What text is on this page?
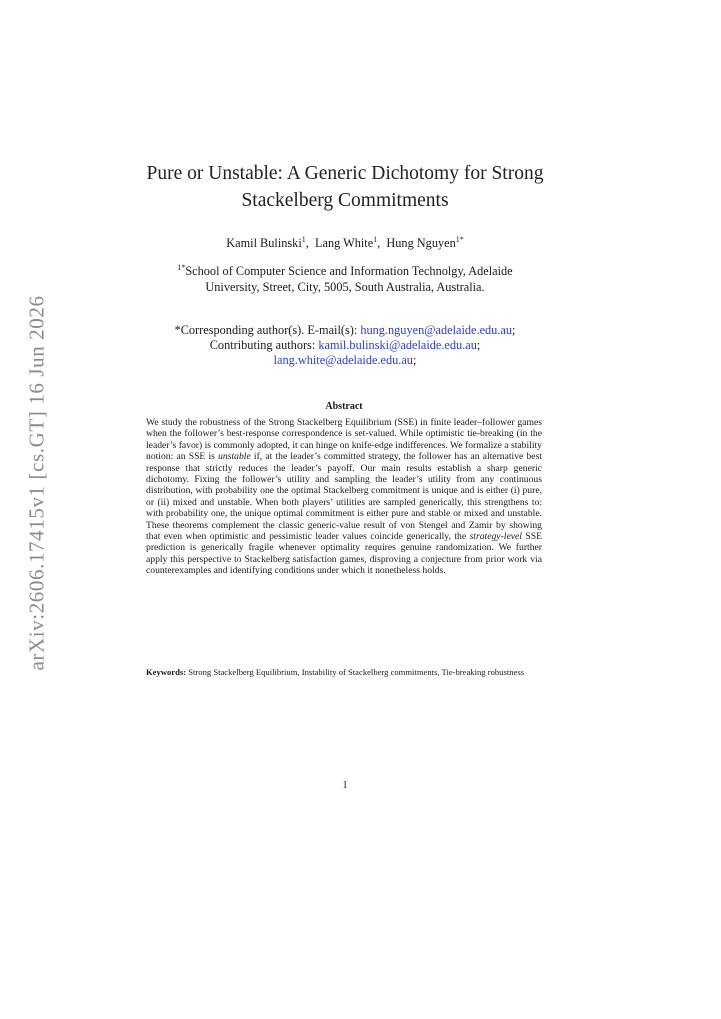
arXiv:2606.17415v1 [cs.GT] 16 Jun 2026
Pure or Unstable: A Generic Dichotomy for Strong
Stackelberg Commitments
Kamil Bulinski$^1$,  Lang White$^1$,  Hung Nguyen$^{1*}$
$^{1*}$School of Computer Science and Information Technolgy, Adelaide
University, Street, City, 5005, South Australia, Australia.
*Corresponding author(s). E-mail(s): hung.nguyen@adelaide.edu.au;
Contributing authors: kamil.bulinski@adelaide.edu.au;
lang.white@adelaide.edu.au;
Abstract
We study the robustness of the Strong Stackelberg Equilibrium (SSE) in finite leader–follower games when the follower’s best-response correspondence is set-valued. While optimistic tie-breaking (in the leader’s favor) is commonly adopted, it can hinge on knife-edge indifferences. We formalize a stability notion: an SSE is unstable if, at the leader’s committed strategy, the follower has an alternative best response that strictly reduces the leader’s payoff. Our main results establish a sharp generic dichotomy. Fixing the follower’s utility and sampling the leader’s utility from any continuous distribution, with probability one the optimal Stackelberg commitment is unique and is either (i) pure, or (ii) mixed and unstable. When both players’ utilities are sampled generically, this strengthens to: with probability one, the unique optimal commitment is either pure and stable or mixed and unstable. These theorems complement the classic generic-value result of von Stengel and Zamir by showing that even when optimistic and pessimistic leader values coincide generically, the strategy-level SSE prediction is generically fragile whenever optimality requires genuine randomization. We further apply this perspective to Stackelberg satisfaction games, disproving a conjecture from prior work via counterexamples and identifying conditions under which it nonetheless holds.
Keywords: Strong Stackelberg Equilibrium, Instability of Stackelberg commitments, Tie-breaking robustness
1
